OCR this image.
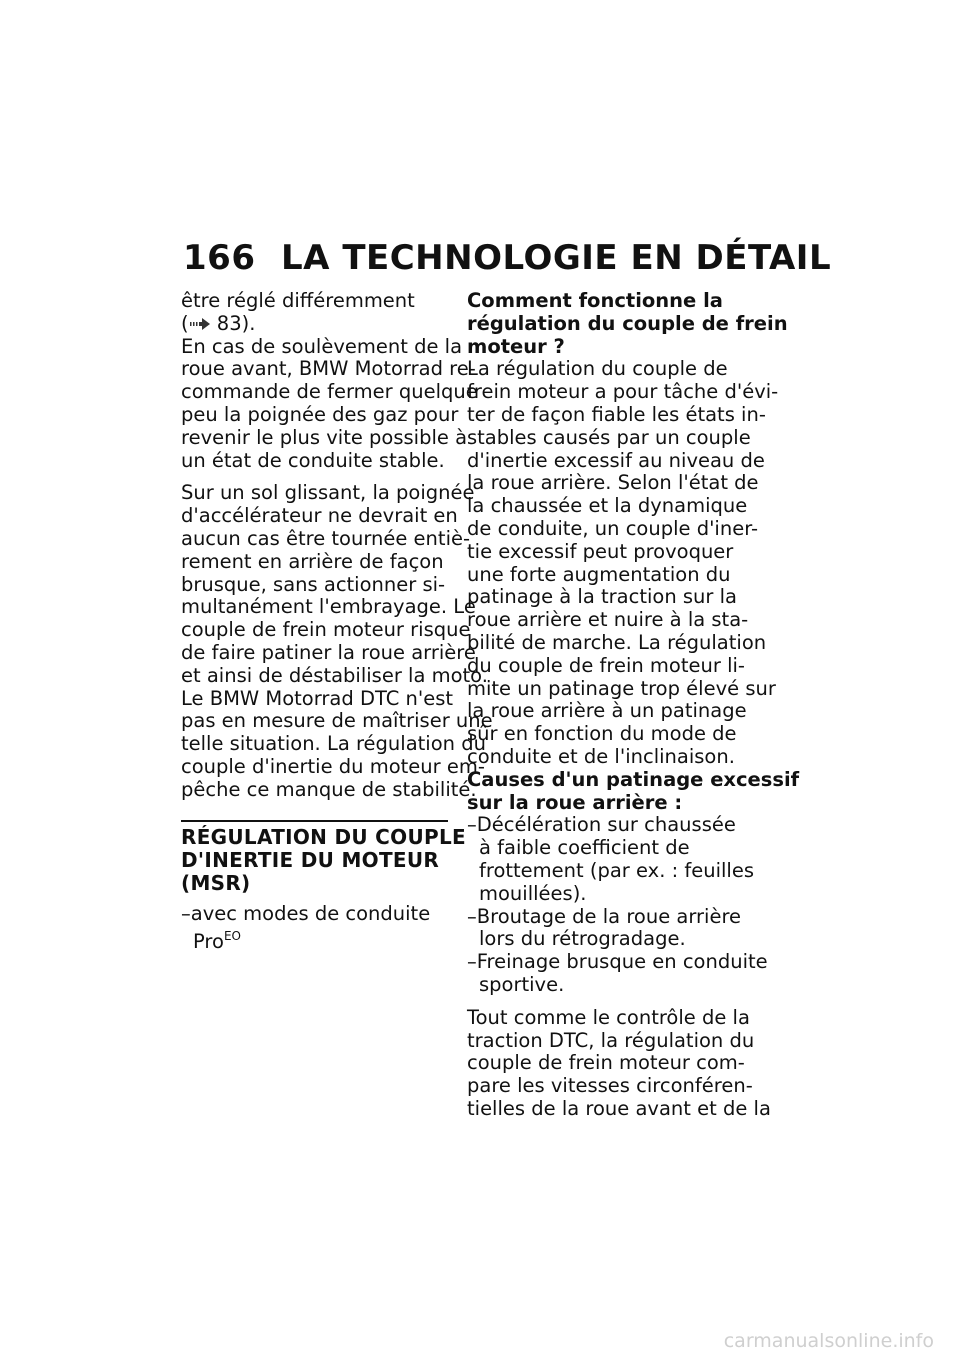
166 LA TECHNOLOGIE EN DÉTAIL
être réglé différemment
( 83).
En cas de soulèvement de la
roue avant, BMW Motorrad re-
commande de fermer quelque
peu la poignée des gaz pour
revenir le plus vite possible à
un état de conduite stable.
Sur un sol glissant, la poignée
d'accélérateur ne devrait en
aucun cas être tournée entiè-
rement en arrière de façon
brusque, sans actionner si-
multanément l'embrayage. Le
couple de frein moteur risque
de faire patiner la roue arrière
et ainsi de déstabiliser la moto.
Le BMW Motorrad DTC n'est
pas en mesure de maîtriser une
telle situation. La régulation du
couple d'inertie du moteur em-
pêche ce manque de stabilité.
RÉGULATION DU COUPLE
D'INERTIE DU MOTEUR
(MSR)
–avec modes de conduite
Pro$^{EO}$
Comment fonctionne la
régulation du couple de frein
moteur ?
La régulation du couple de
frein moteur a pour tâche d'évi-
ter de façon fiable les états in-
stables causés par un couple
d'inertie excessif au niveau de
la roue arrière. Selon l'état de
la chaussée et la dynamique
de conduite, un couple d'iner-
tie excessif peut provoquer
une forte augmentation du
patinage à la traction sur la
roue arrière et nuire à la sta-
bilité de marche. La régulation
du couple de frein moteur li-
mite un patinage trop élevé sur
la roue arrière à un patinage
sûr en fonction du mode de
conduite et de l'inclinaison.
Causes d'un patinage excessif
sur la roue arrière :
–Décélération sur chaussée
à faible coefficient de
frottement (par ex. : feuilles
mouillées).
–Broutage de la roue arrière
lors du rétrogradage.
–Freinage brusque en conduite
sportive.
Tout comme le contrôle de la
traction DTC, la régulation du
couple de frein moteur com-
pare les vitesses circonféren-
tielles de la roue avant et de la
carmanualsonline.info
